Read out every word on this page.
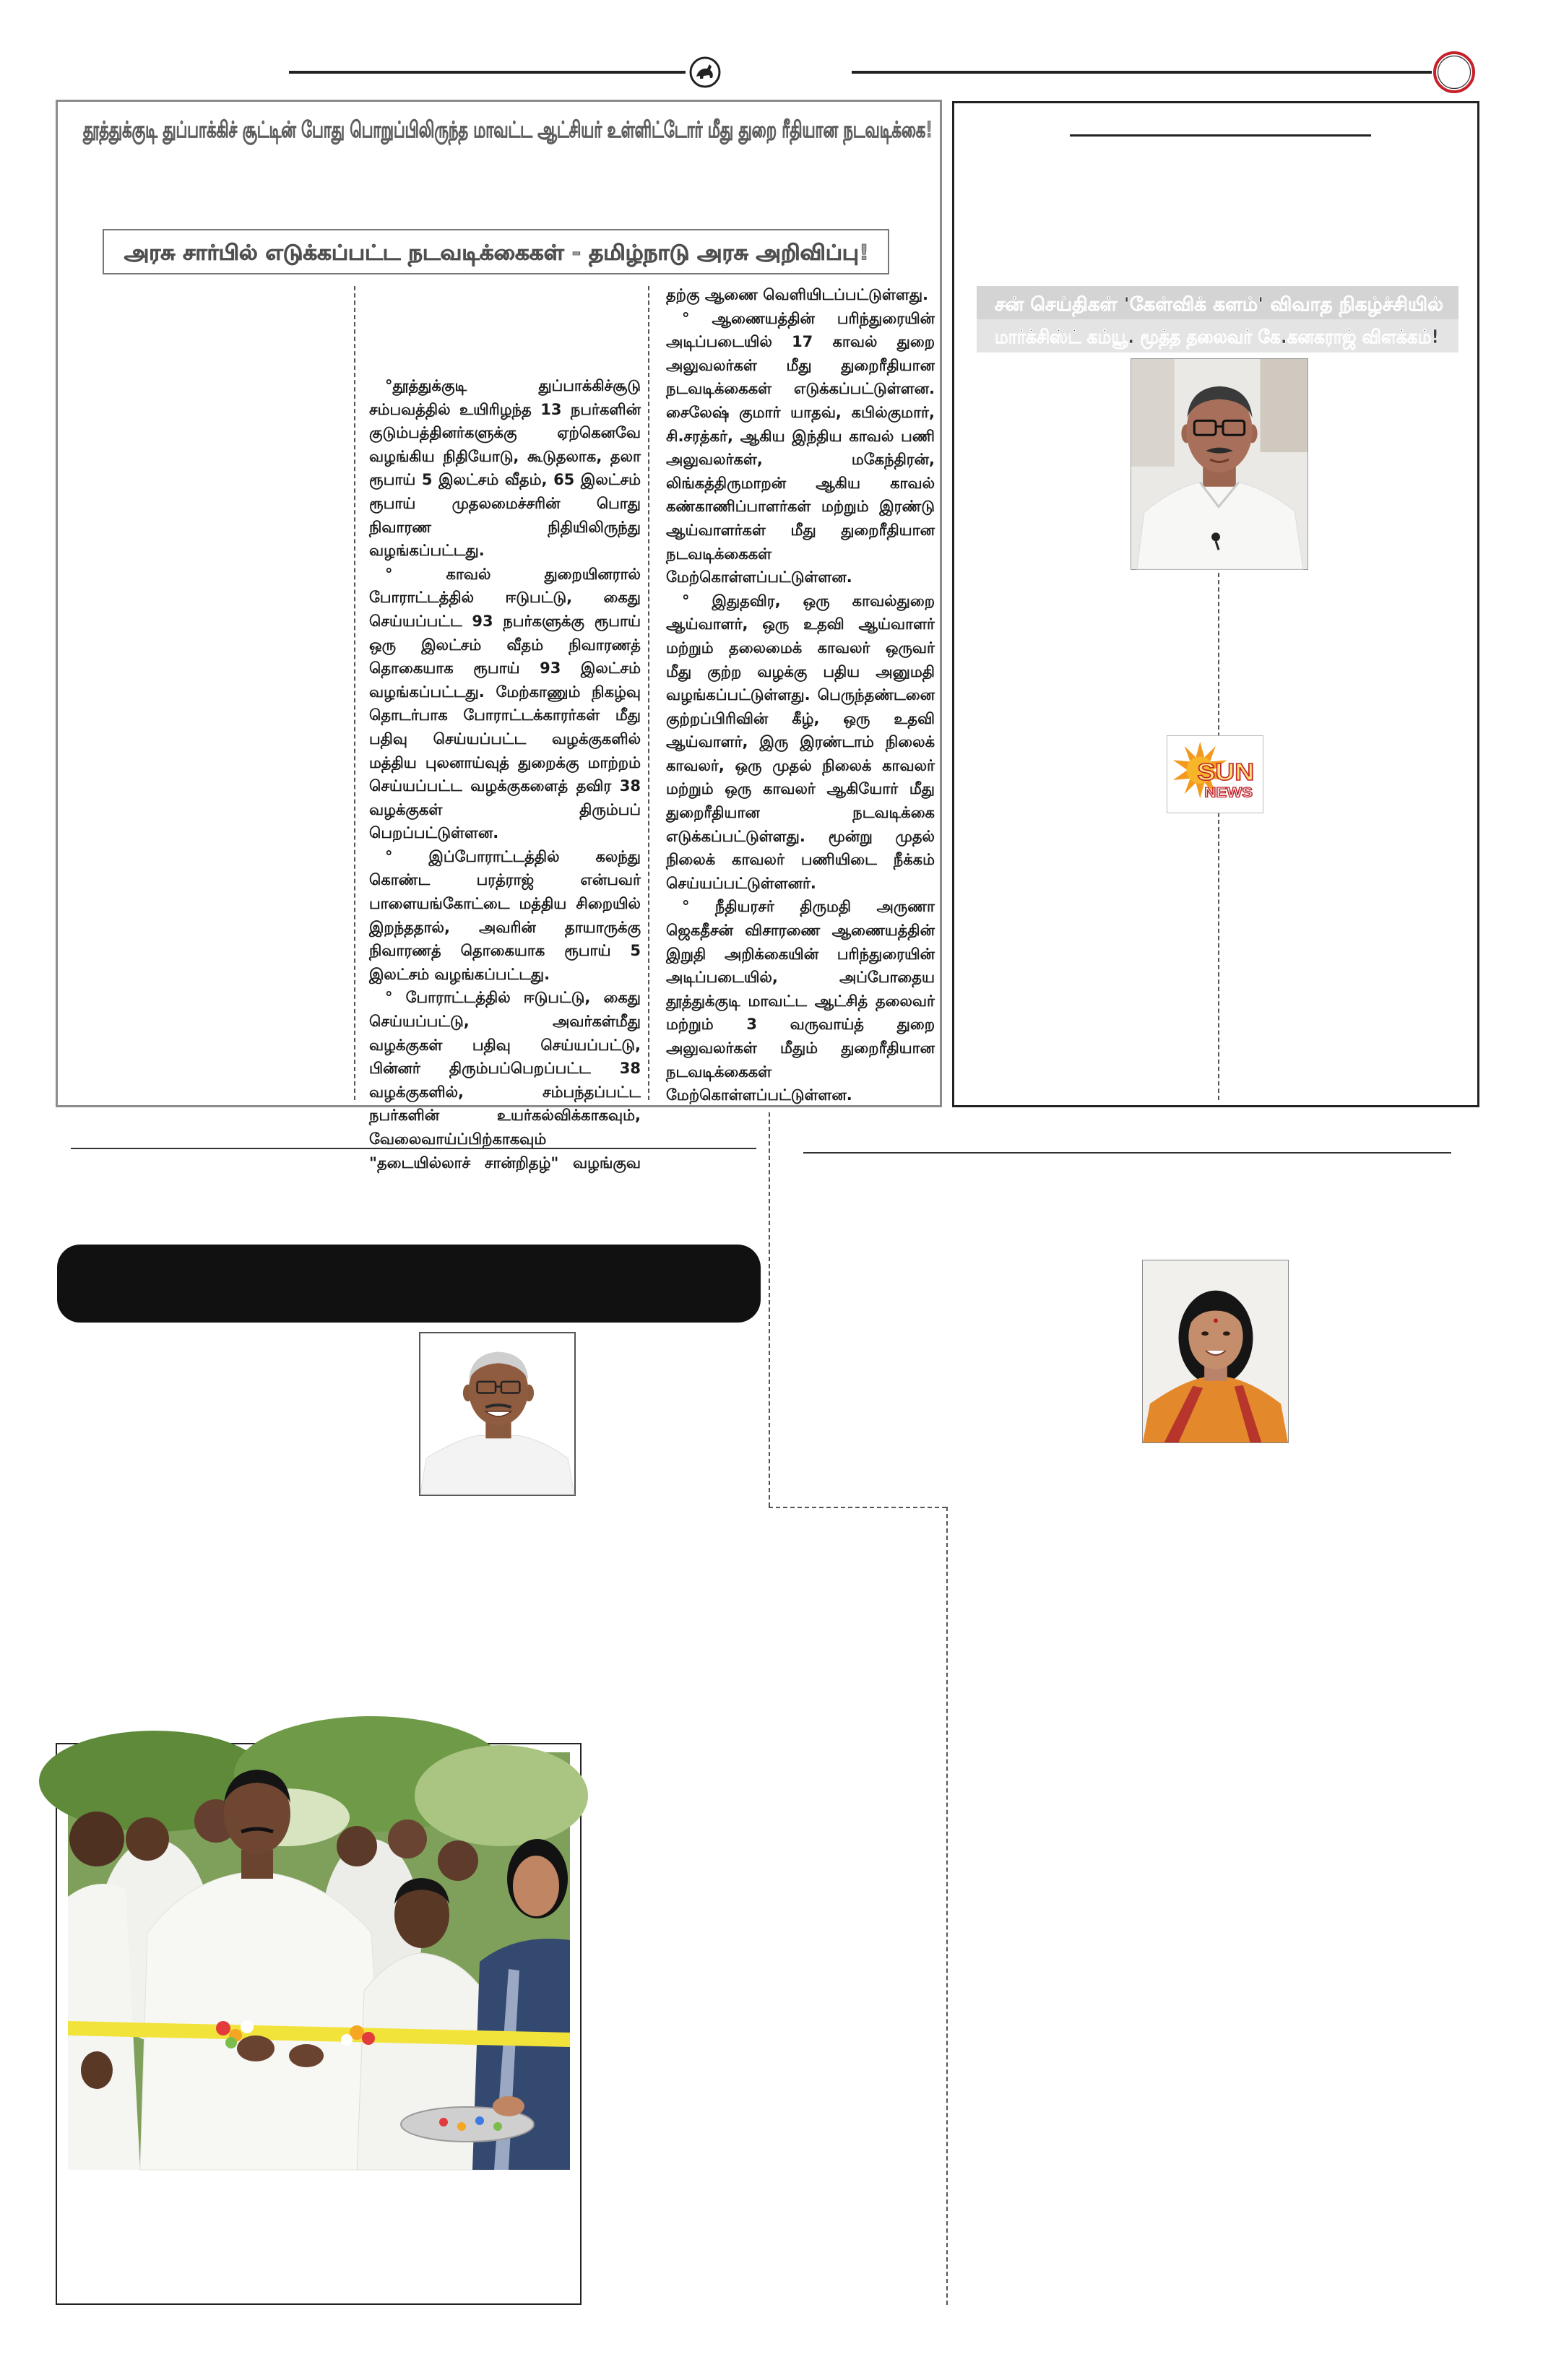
தூத்துக்குடி துப்பாக்கிச் சூட்டின் போது பொறுப்பிலிருந்த மாவட்ட ஆட்சியர் உள்ளிட்டோர் மீது துறை ரீதியான நடவடிக்கை!
அரசு சார்பில் எடுக்கப்பட்ட நடவடிக்கைகள் - தமிழ்நாடு அரசு அறிவிப்பு!

°தூத்துக்குடி துப்பாக்கிச்சூடு சம்பவத்தில் உயிரிழந்த 13 நபர்களின் குடும்பத்தினர்களுக்கு ஏற்கெனவே வழங்கிய நிதியோடு, கூடுதலாக, தலா ரூபாய் 5 இலட்சம் வீதம், 65 இலட்சம் ரூபாய் முதலமைச்சரின் பொது நிவாரண நிதியிலிருந்து வழங்கப்பட்டது.

° காவல் துறையினரால் போராட்டத்தில் ஈடுபட்டு, கைது செய்யப்பட்ட 93 நபர்களுக்கு ரூபாய் ஒரு இலட்சம் வீதம் நிவாரணத் தொகையாக ரூபாய் 93 இலட்சம் வழங்கப்பட்டது. மேற்காணும் நிகழ்வு தொடர்பாக போராட்டக்காரர்கள் மீது பதிவு செய்யப்பட்ட வழக்குகளில் மத்திய புலனாய்வுத் துறைக்கு மாற்றம் செய்யப்பட்ட வழக்குகளைத் தவிர 38 வழக்குகள் திரும்பப் பெறப்பட்டுள்ளன.

° இப்போராட்டத்தில் கலந்து கொண்ட பரத்ராஜ் என்பவர் பாளையங்கோட்டை மத்திய சிறையில் இறந்ததால், அவரின் தாயாருக்கு நிவாரணத் தொகையாக ரூபாய் 5 இலட்சம் வழங்கப்பட்டது.

° போராட்டத்தில் ஈடுபட்டு, கைது செய்யப்பட்டு, அவர்கள்மீது வழக்குகள் பதிவு செய்யப்பட்டு, பின்னர் திரும்பப்பெறப்பட்ட 38 வழக்குகளில், சம்பந்தப்பட்ட நபர்களின் உயர்கல்விக்காகவும், வேலைவாய்ப்பிற்காகவும் "தடையில்லாச் சான்றிதழ்" வழங்குவ

தற்கு ஆணை வெளியிடப்பட்டுள்ளது.

° ஆணையத்தின் பரிந்துரையின் அடிப்படையில் 17 காவல் துறை அலுவலர்கள் மீது துறைரீதியான நடவடிக்கைகள் எடுக்கப்பட்டுள்ளன. சைலேஷ் குமார் யாதவ், கபில்குமார், சி.சரத்கர், ஆகிய இந்திய காவல் பணி அலுவலர்கள், மகேந்திரன், லிங்கத்திருமாறன் ஆகிய காவல் கண்காணிப்பாளர்கள் மற்றும் இரண்டு ஆய்வாளர்கள் மீது துறைரீதியான நடவடிக்கைகள் மேற்கொள்ளப்பட்டுள்ளன.

° இதுதவிர, ஒரு காவல்துறை ஆய்வாளர், ஒரு உதவி ஆய்வாளர் மற்றும் தலைமைக் காவலர் ஒருவர் மீது குற்ற வழக்கு பதிய அனுமதி வழங்கப்பட்டுள்ளது. பெருந்தண்டனை குற்றப்பிரிவின் கீழ், ஒரு உதவி ஆய்வாளர், இரு இரண்டாம் நிலைக் காவலர், ஒரு முதல் நிலைக் காவலர் மற்றும் ஒரு காவலர் ஆகியோர் மீது துறைரீதியான நடவடிக்கை எடுக்கப்பட்டுள்ளது. மூன்று முதல் நிலைக் காவலர் பணியிடை நீக்கம் செய்யப்பட்டுள்ளனர்.

° நீதியரசர் திருமதி அருணா ஜெகதீசன் விசாரணை ஆணையத்தின் இறுதி அறிக்கையின் பரிந்துரையின் அடிப்படையில், அப்போதைய தூத்துக்குடி மாவட்ட ஆட்சித் தலைவர் மற்றும் 3 வருவாய்த் துறை அலுவலர்கள் மீதும் துறைரீதியான நடவடிக்கைகள் மேற்கொள்ளப்பட்டுள்ளன.

சன் செய்திகள் 'கேள்விக் களம்' விவாத நிகழ்ச்சியில்
மார்க்சிஸ்ட் கம்யூ. மூத்த தலைவர் கே.கனகராஜ் விளக்கம்!
SUN
NEWS
